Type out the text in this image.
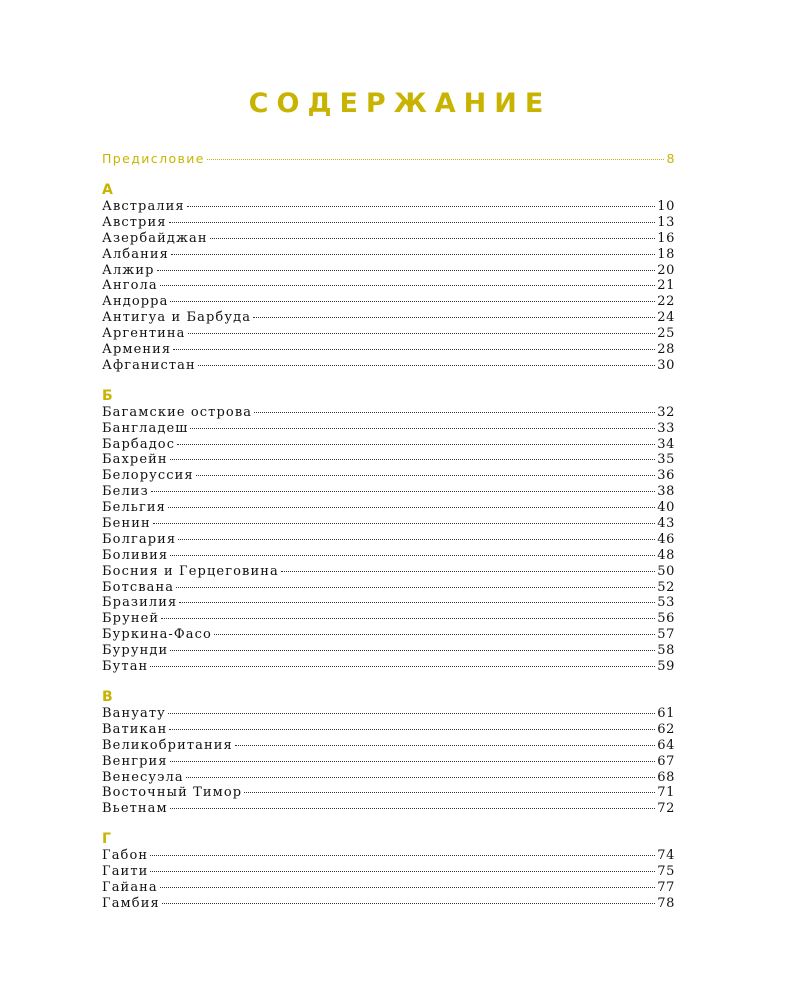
СОДЕРЖАНИЕ
Предисловие	8
А
Австралия	10
Австрия	13
Азербайджан	16
Албания	18
Алжир	20
Ангола	21
Андорра	22
Антигуа и Барбуда	24
Аргентина	25
Армения	28
Афганистан	30
Б
Багамские острова	32
Бангладеш	33
Барбадос	34
Бахрейн	35
Белоруссия	36
Белиз	38
Бельгия	40
Бенин	43
Болгария	46
Боливия	48
Босния и Герцеговина	50
Ботсвана	52
Бразилия	53
Бруней	56
Буркина-Фасо	57
Бурунди	58
Бутан	59
В
Вануату	61
Ватикан	62
Великобритания	64
Венгрия	67
Венесуэла	68
Восточный Тимор	71
Вьетнам	72
Г
Габон	74
Гаити	75
Гайана	77
Гамбия	78
